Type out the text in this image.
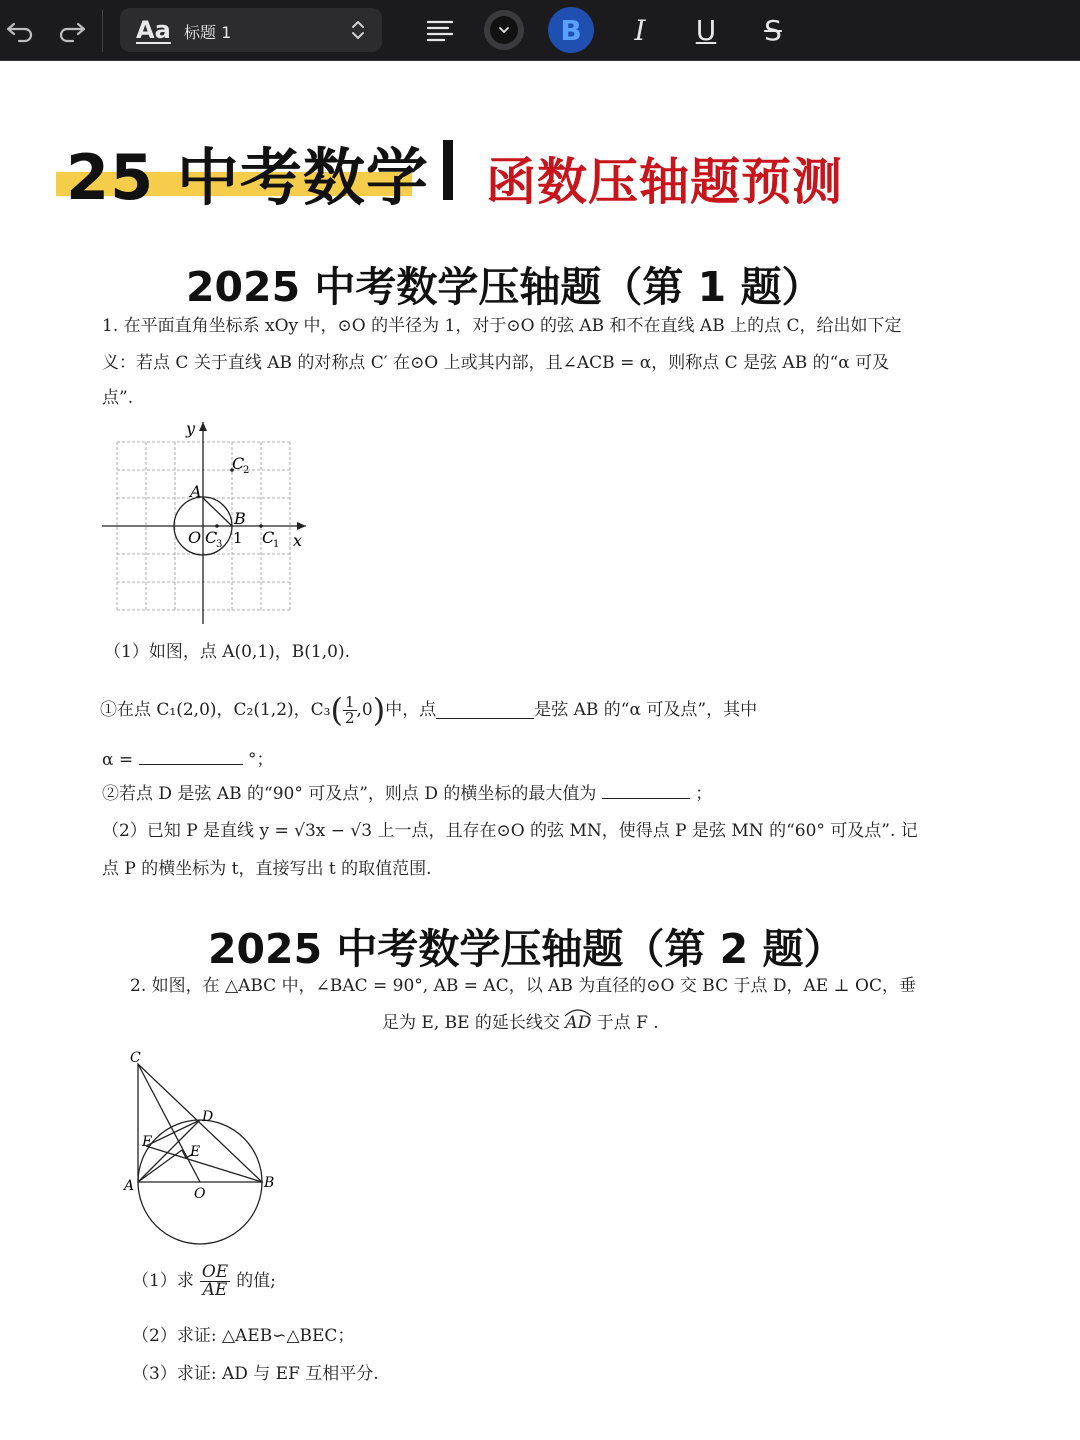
Aa 标题 1	B	I	U	S
25 中考数学 函数压轴题预测
2025 中考数学压轴题（第 1 题）
1. 在平面直角坐标系 xOy 中，⊙O 的半径为 1，对于⊙O 的弦 AB 和不在直线 AB 上的点 C，给出如下定
义：若点 C 关于直线 AB 的对称点 C′ 在⊙O 上或其内部，且∠ACB = α，则称点 C 是弦 AB 的“α 可及
点”.
y
x
O
A
B
1
C
2
C
1
C
3
（1）如图，点 A(0,1)，B(1,0).
①在点 C₁(2,0)，C₂(1,2)，C₃ ( $\frac{1}{2} ,0$ ) 中，点	是弦 AB 的“α 可及点”，其中
α =	°；
②若点 D 是弦 AB 的“90° 可及点”，则点 D 的横坐标的最大值为	；
（2）已知 P 是直线 y = √3x − √3 上一点，且存在⊙O 的弦 MN，使得点 P 是弦 MN 的“60° 可及点”. 记
点 P 的横坐标为 t，直接写出 t 的取值范围.
2025 中考数学压轴题（第 2 题）
2. 如图，在 △ABC 中，∠BAC = 90°, AB = AC，以 AB 为直径的⊙O 交 BC 于点 D，AE ⊥ OC，垂
足为 E, BE 的延长线交 AD 于点 F .
C
D
F
E
A	O
B
（1）求 $\frac{OE}{AE}$ 的值;
（2）求证: △AEB∽△BEC；
（3）求证: AD 与 EF 互相平分.
